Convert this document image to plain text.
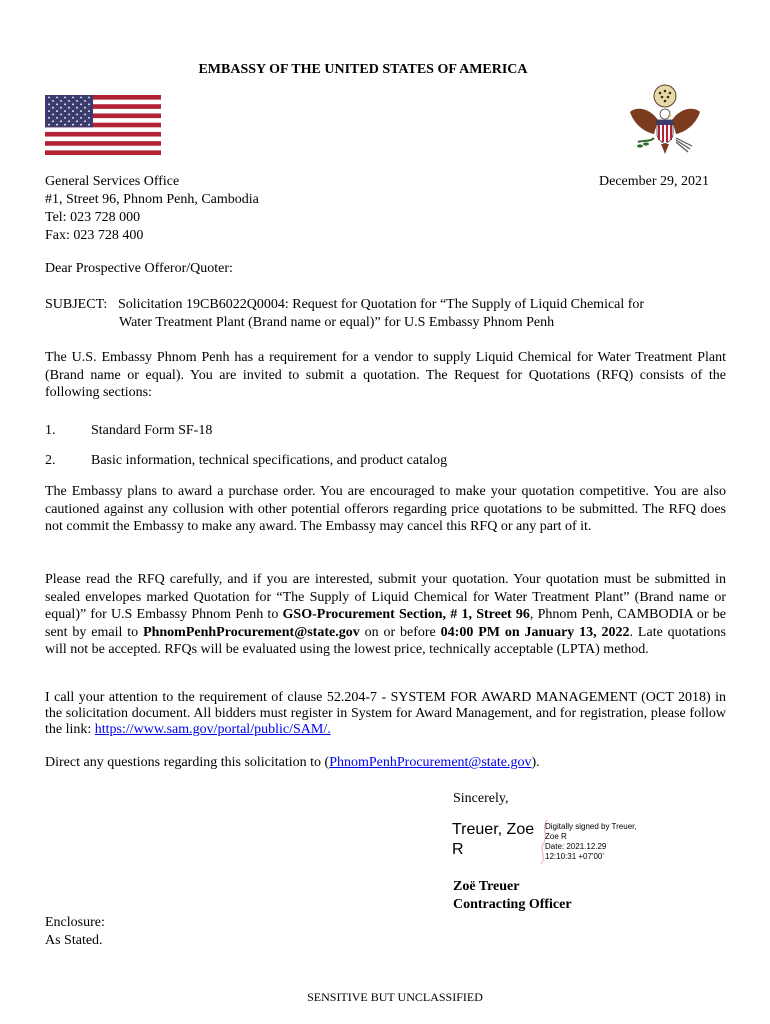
EMBASSY OF THE UNITED STATES OF AMERICA
General Services Office
#1, Street 96, Phnom Penh, Cambodia
Tel: 023 728 000
Fax: 023 728 400
December 29, 2021
Dear Prospective Offeror/Quoter:
SUBJECT: Solicitation 19CB6022Q0004: Request for Quotation for “The Supply of Liquid Chemical for
Water Treatment Plant (Brand name or equal)” for U.S Embassy Phnom Penh
The U.S. Embassy Phnom Penh has a requirement for a vendor to supply Liquid Chemical for Water Treatment Plant (Brand name or equal). You are invited to submit a quotation. The Request for Quotations (RFQ) consists of the following sections:
1.	Standard Form SF-18
2.	Basic information, technical specifications, and product catalog
The Embassy plans to award a purchase order. You are encouraged to make your quotation competitive. You are also cautioned against any collusion with other potential offerors regarding price quotations to be submitted. The RFQ does not commit the Embassy to make any award. The Embassy may cancel this RFQ or any part of it.
Please read the RFQ carefully, and if you are interested, submit your quotation. Your quotation must be submitted in sealed envelopes marked Quotation for “The Supply of Liquid Chemical for Water Treatment Plant” (Brand name or equal)” for U.S Embassy Phnom Penh to GSO-Procurement Section, # 1, Street 96, Phnom Penh, CAMBODIA or be sent by email to PhnomPenhProcurement@state.gov on or before 04:00 PM on January 13, 2022. Late quotations will not be accepted. RFQs will be evaluated using the lowest price, technically acceptable (LPTA) method.
I call your attention to the requirement of clause 52.204-7 - SYSTEM FOR AWARD MANAGEMENT (OCT 2018) in the solicitation document. All bidders must register in System for Award Management, and for registration, please follow the link: https://www.sam.gov/portal/public/SAM/.
Direct any questions regarding this solicitation to (PhnomPenhProcurement@state.gov).
Sincerely,
Treuer, Zoe
R
Digitally signed by Treuer,
Zoe R
Date: 2021.12.29
12:10:31 +07'00'
Zoë Treuer
Contracting Officer
Enclosure:
As Stated.
SENSITIVE BUT UNCLASSIFIED
